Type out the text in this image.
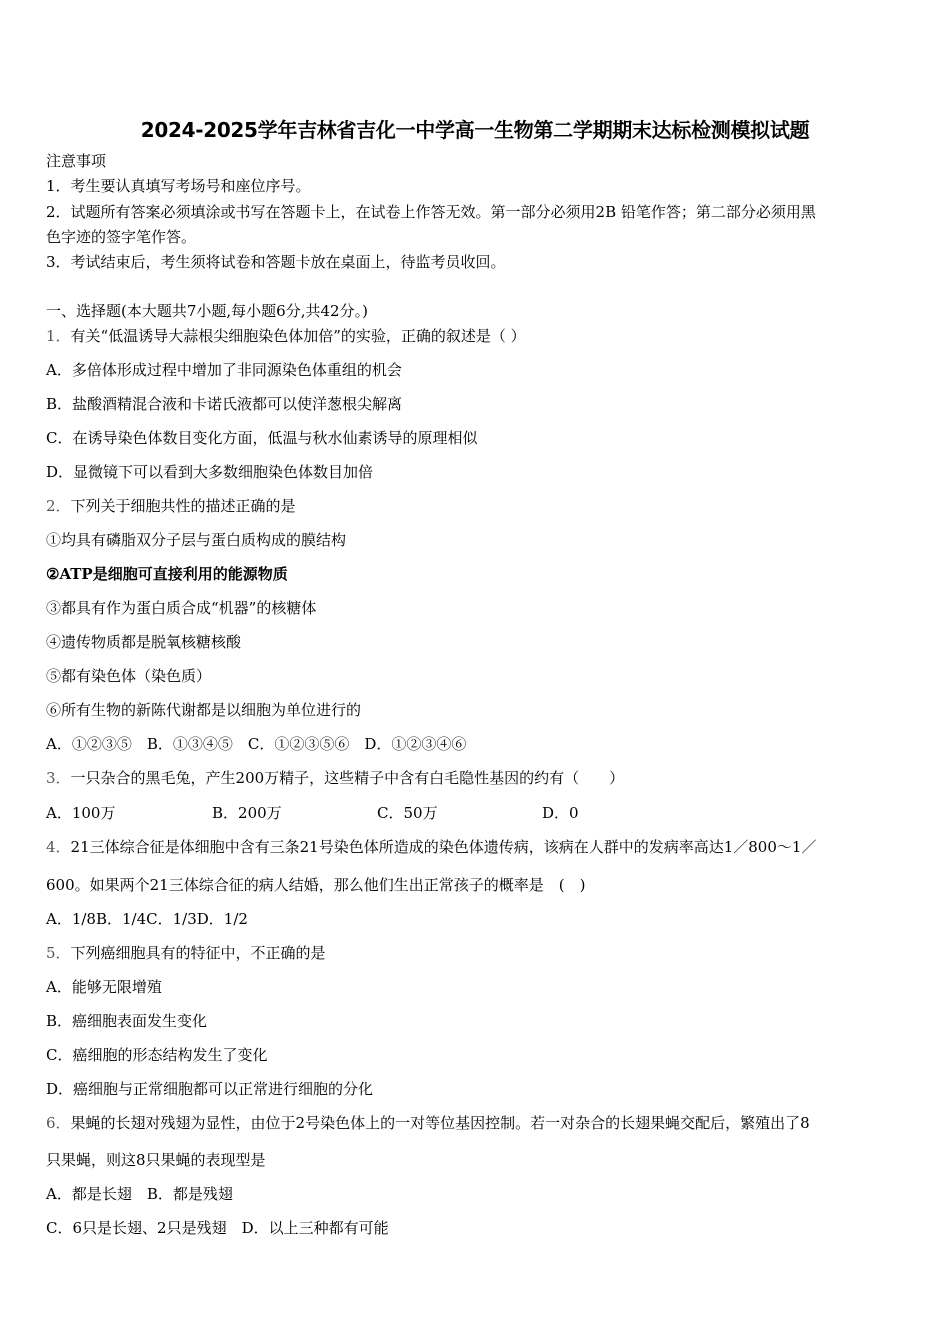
2024-2025学年吉林省吉化一中学高一生物第二学期期末达标检测模拟试题
注意事项
1．考生要认真填写考场号和座位序号。
2．试题所有答案必须填涂或书写在答题卡上，在试卷上作答无效。第一部分必须用2B 铅笔作答；第二部分必须用黑
色字迹的签字笔作答。
3．考试结束后，考生须将试卷和答题卡放在桌面上，待监考员收回。
一、选择题(本大题共7小题,每小题6分,共42分。)
1．有关“低温诱导大蒜根尖细胞染色体加倍”的实验，正确的叙述是（ ）
A．多倍体形成过程中增加了非同源染色体重组的机会
B．盐酸酒精混合液和卡诺氏液都可以使洋葱根尖解离
C．在诱导染色体数目变化方面，低温与秋水仙素诱导的原理相似
D．显微镜下可以看到大多数细胞染色体数目加倍
2．下列关于细胞共性的描述正确的是
①均具有磷脂双分子层与蛋白质构成的膜结构
②ATP是细胞可直接利用的能源物质
③都具有作为蛋白质合成“机器”的核糖体
④遗传物质都是脱氧核糖核酸
⑤都有染色体（染色质）
⑥所有生物的新陈代谢都是以细胞为单位进行的
A．①②③⑤　B．①③④⑤　C．①②③⑤⑥　D．①②③④⑥
3．一只杂合的黑毛兔，产生200万精子，这些精子中含有白毛隐性基因的约有（　　）
A．100万	B．200万	C．50万	D．0
4．21三体综合征是体细胞中含有三条21号染色体所造成的染色体遗传病，该病在人群中的发病率高达1／800～1／
600。如果两个21三体综合征的病人结婚，那么他们生出正常孩子的概率是　(　)
A．1/8B．1/4C．1/3D．1/2
5．下列癌细胞具有的特征中，不正确的是
A．能够无限增殖
B．癌细胞表面发生变化
C．癌细胞的形态结构发生了变化
D．癌细胞与正常细胞都可以正常进行细胞的分化
6．果蝇的长翅对残翅为显性，由位于2号染色体上的一对等位基因控制。若一对杂合的长翅果蝇交配后，繁殖出了8
只果蝇，则这8只果蝇的表现型是
A．都是长翅　B．都是残翅
C．6只是长翅、2只是残翅　D．以上三种都有可能
